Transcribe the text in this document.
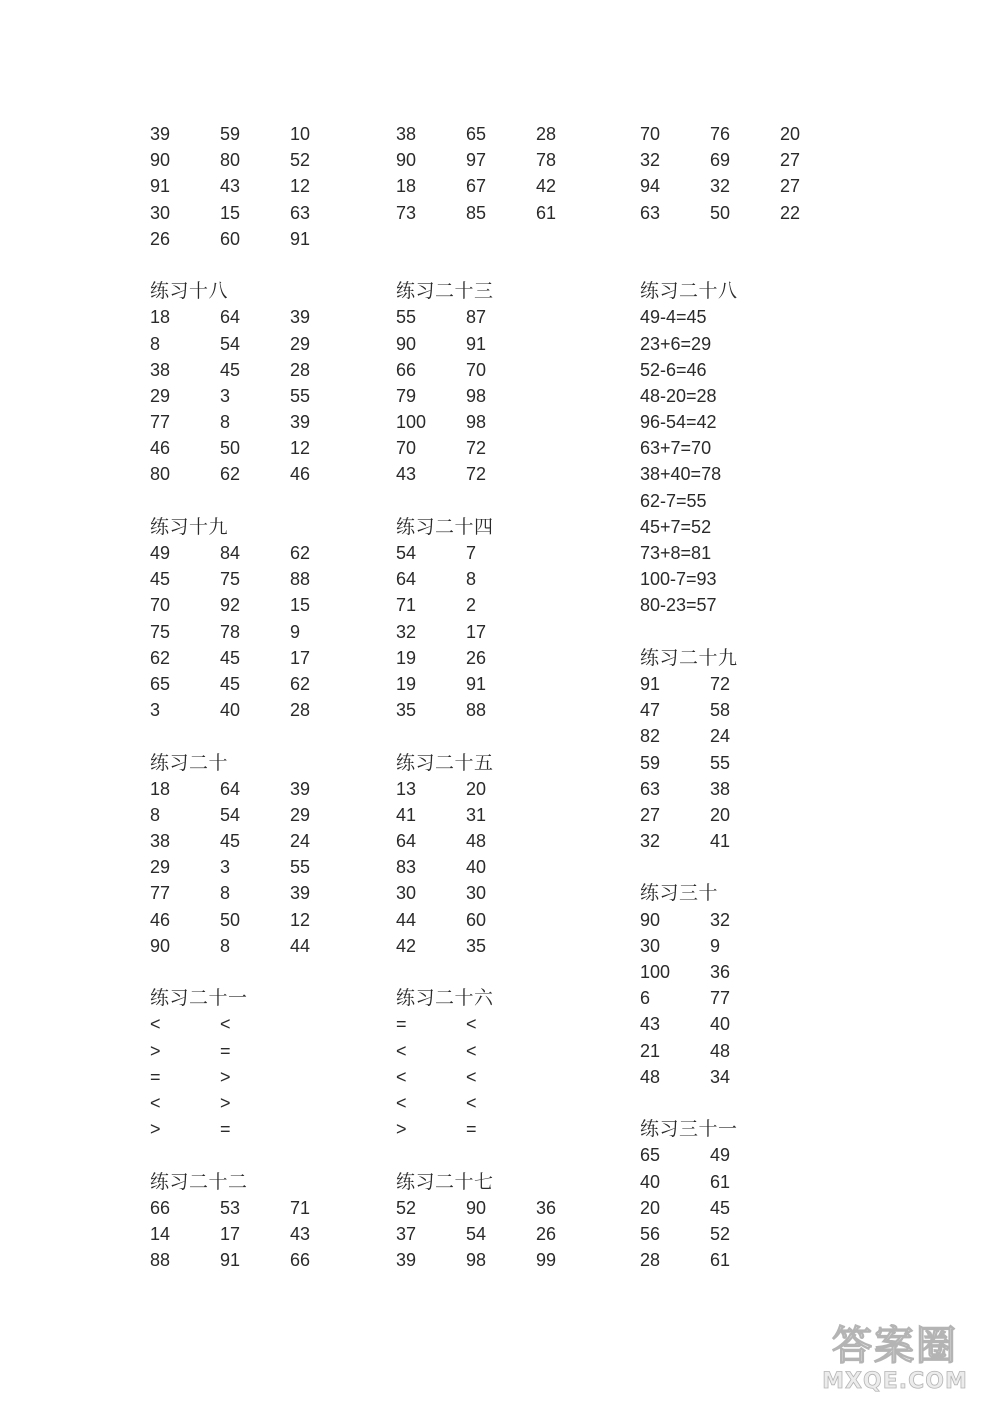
39	59	10
90	80	52
91	43	12
30	15	63
26	60	91
练习十八
18	64	39
8	54	29
38	45	28
29	3	55
77	8	39
46	50	12
80	62	46
练习十九
49	84	62
45	75	88
70	92	15
75	78	9
62	45	17
65	45	62
3	40	28
练习二十
18	64	39
8	54	29
38	45	24
29	3	55
77	8	39
46	50	12
90	8	44
练习二十一
<	<
>	=
=	>
<	>
>	=
练习二十二
66	53	71
14	17	43
88	91	66
38	65	28
90	97	78
18	67	42
73	85	61
练习二十三
55	87
90	91
66	70
79	98
100 98
70	72
43	72
练习二十四
54	7
64	8
71	2
32	17
19	26
19	91
35	88
练习二十五
13	20
41	31
64	48
83	40
30	30
44	60
42	35
练习二十六
=	<
<	<
<	<
<	<
>	=
练习二十七
52	90	36
37	54	26
39	98	99
70	76	20
32	69	27
94	32	27
63	50	22
练习二十八
49-4=45
23+6=29
52-6=46
48-20=28
96-54=42
63+7=70
38+40=78
62-7=55
45+7=52
73+8=81
100-7=93
80-23=57
练习二十九
91	72
47	58
82	24
59	55
63	38
27	20
32	41
练习三十
90	32
30	9
100 36
6	77
43	40
21	48
48	34
练习三十一
65	49
40	61
20	45
56	52
28	61
答案圈
MXQE.COM
